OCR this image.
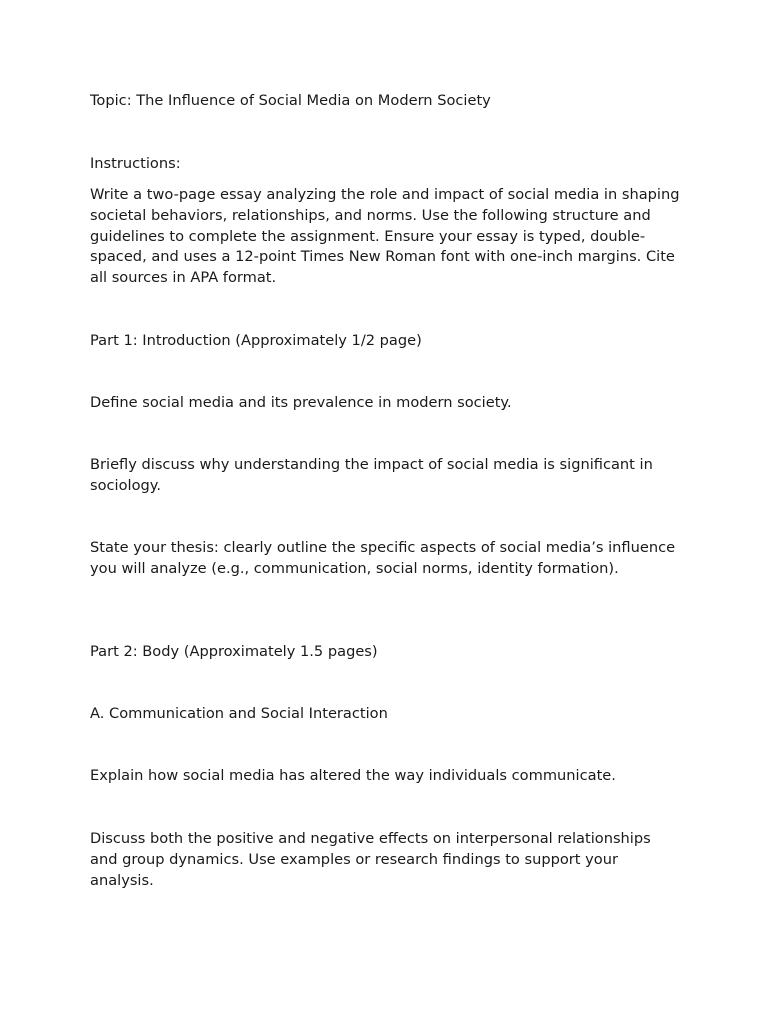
Topic: The Influence of Social Media on Modern Society

Instructions:

Write a two-page essay analyzing the role and impact of social media in shaping societal behaviors, relationships, and norms. Use the following structure and guidelines to complete the assignment. Ensure your essay is typed, double-spaced, and uses a 12-point Times New Roman font with one-inch margins. Cite all sources in APA format.

Part 1: Introduction (Approximately 1/2 page)

Define social media and its prevalence in modern society.

Briefly discuss why understanding the impact of social media is significant in sociology.

State your thesis: clearly outline the specific aspects of social media’s influence you will analyze (e.g., communication, social norms, identity formation).

Part 2: Body (Approximately 1.5 pages)

A. Communication and Social Interaction

Explain how social media has altered the way individuals communicate.

Discuss both the positive and negative effects on interpersonal relationships and group dynamics. Use examples or research findings to support your analysis.
